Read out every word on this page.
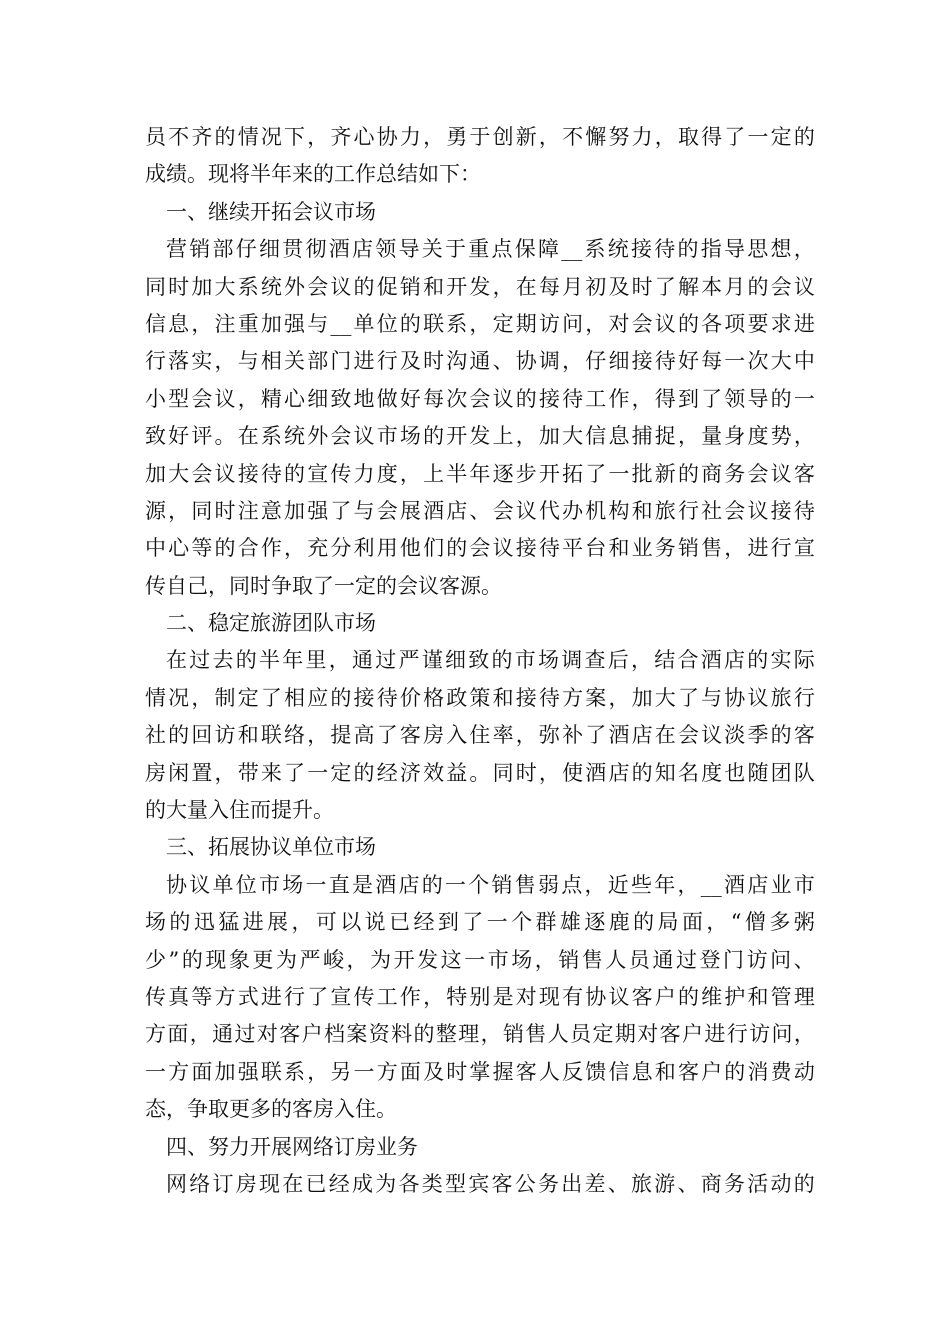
员 不 齐 的 情 况 下 ， 齐 心 协 力 ， 勇 于 创 新 ， 不 懈 努 力 ， 取 得 了 一 定 的
成绩。现将半年来的工作总结如下：
一、继续开拓会议市场
营 销 部 仔 细 贯 彻 酒 店 领 导 关 于 重 点 保 障 __ 系 统 接 待 的 指 导 思 想 ，
同 时 加 大 系 统 外 会 议 的 促 销 和 开 发 ， 在 每 月 初 及 时 了 解 本 月 的 会 议
信 息 ， 注 重 加 强 与 __ 单 位 的 联 系 ， 定 期 访 问 ， 对 会 议 的 各 项 要 求 进
行 落 实 ， 与 相 关 部 门 进 行 及 时 沟 通 、 协 调 ， 仔 细 接 待 好 每 一 次 大 中
小 型 会 议 ， 精 心 细 致 地 做 好 每 次 会 议 的 接 待 工 作 ， 得 到 了 领 导 的 一
致 好 评 。 在 系 统 外 会 议 市 场 的 开 发 上 ， 加 大 信 息 捕 捉 ， 量 身 度 势 ，
加 大 会 议 接 待 的 宣 传 力 度 ， 上 半 年 逐 步 开 拓 了 一 批 新 的 商 务 会 议 客
源 ， 同 时 注 意 加 强 了 与 会 展 酒 店 、 会 议 代 办 机 构 和 旅 行 社 会 议 接 待
中 心 等 的 合 作 ， 充 分 利 用 他 们 的 会 议 接 待 平 台 和 业 务 销 售 ， 进 行 宣
传自己，同时争取了一定的会议客源。
二、稳定旅游团队市场
在 过 去 的 半 年 里 ， 通 过 严 谨 细 致 的 市 场 调 查 后 ， 结 合 酒 店 的 实 际
情 况 ， 制 定 了 相 应 的 接 待 价 格 政 策 和 接 待 方 案 ， 加 大 了 与 协 议 旅 行
社 的 回 访 和 联 络 ， 提 高 了 客 房 入 住 率 ， 弥 补 了 酒 店 在 会 议 淡 季 的 客
房 闲 置 ， 带 来 了 一 定 的 经 济 效 益 。 同 时 ， 使 酒 店 的 知 名 度 也 随 团 队
的大量入住而提升。
三、拓展协议单位市场
协 议 单 位 市 场 一 直 是 酒 店 的 一 个 销 售 弱 点 ， 近 些 年 ， __ 酒 店 业 市
场 的 迅 猛 进 展 ， 可 以 说 已 经 到 了 一 个 群 雄 逐 鹿 的 局 面 ， “ 僧 多 粥
少 ” 的 现 象 更 为 严 峻 ， 为 开 发 这 一 市 场 ， 销 售 人 员 通 过 登 门 访 问 、
传 真 等 方 式 进 行 了 宣 传 工 作 ， 特 别 是 对 现 有 协 议 客 户 的 维 护 和 管 理
方 面 ， 通 过 对 客 户 档 案 资 料 的 整 理 ， 销 售 人 员 定 期 对 客 户 进 行 访 问 ，
一 方 面 加 强 联 系 ， 另 一 方 面 及 时 掌 握 客 人 反 馈 信 息 和 客 户 的 消 费 动
态，争取更多的客房入住。
四、努力开展网络订房业务
网 络 订 房 现 在 已 经 成 为 各 类 型 宾 客 公 务 出 差 、 旅 游 、 商 务 活 动 的
